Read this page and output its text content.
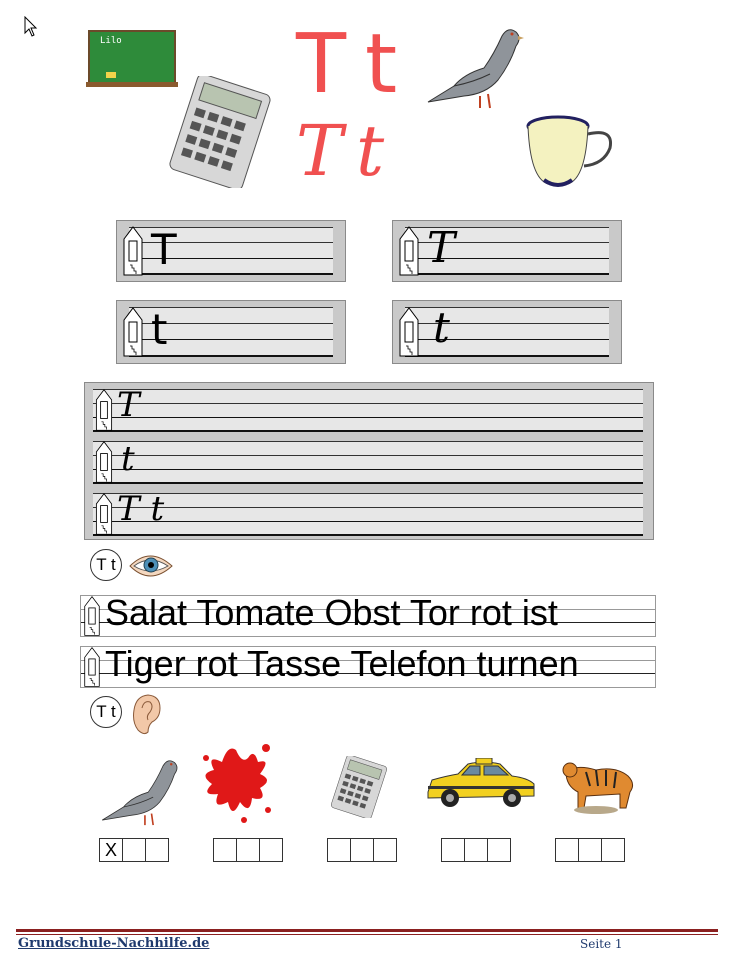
Lilo T t
T t
T	T
t	t
T
t
T t
T t
Salat Tomate Obst Tor rot ist
Tiger rot Tasse Telefon turnen
T t
X
Grundschule-Nachhilfe.de	Seite 1
